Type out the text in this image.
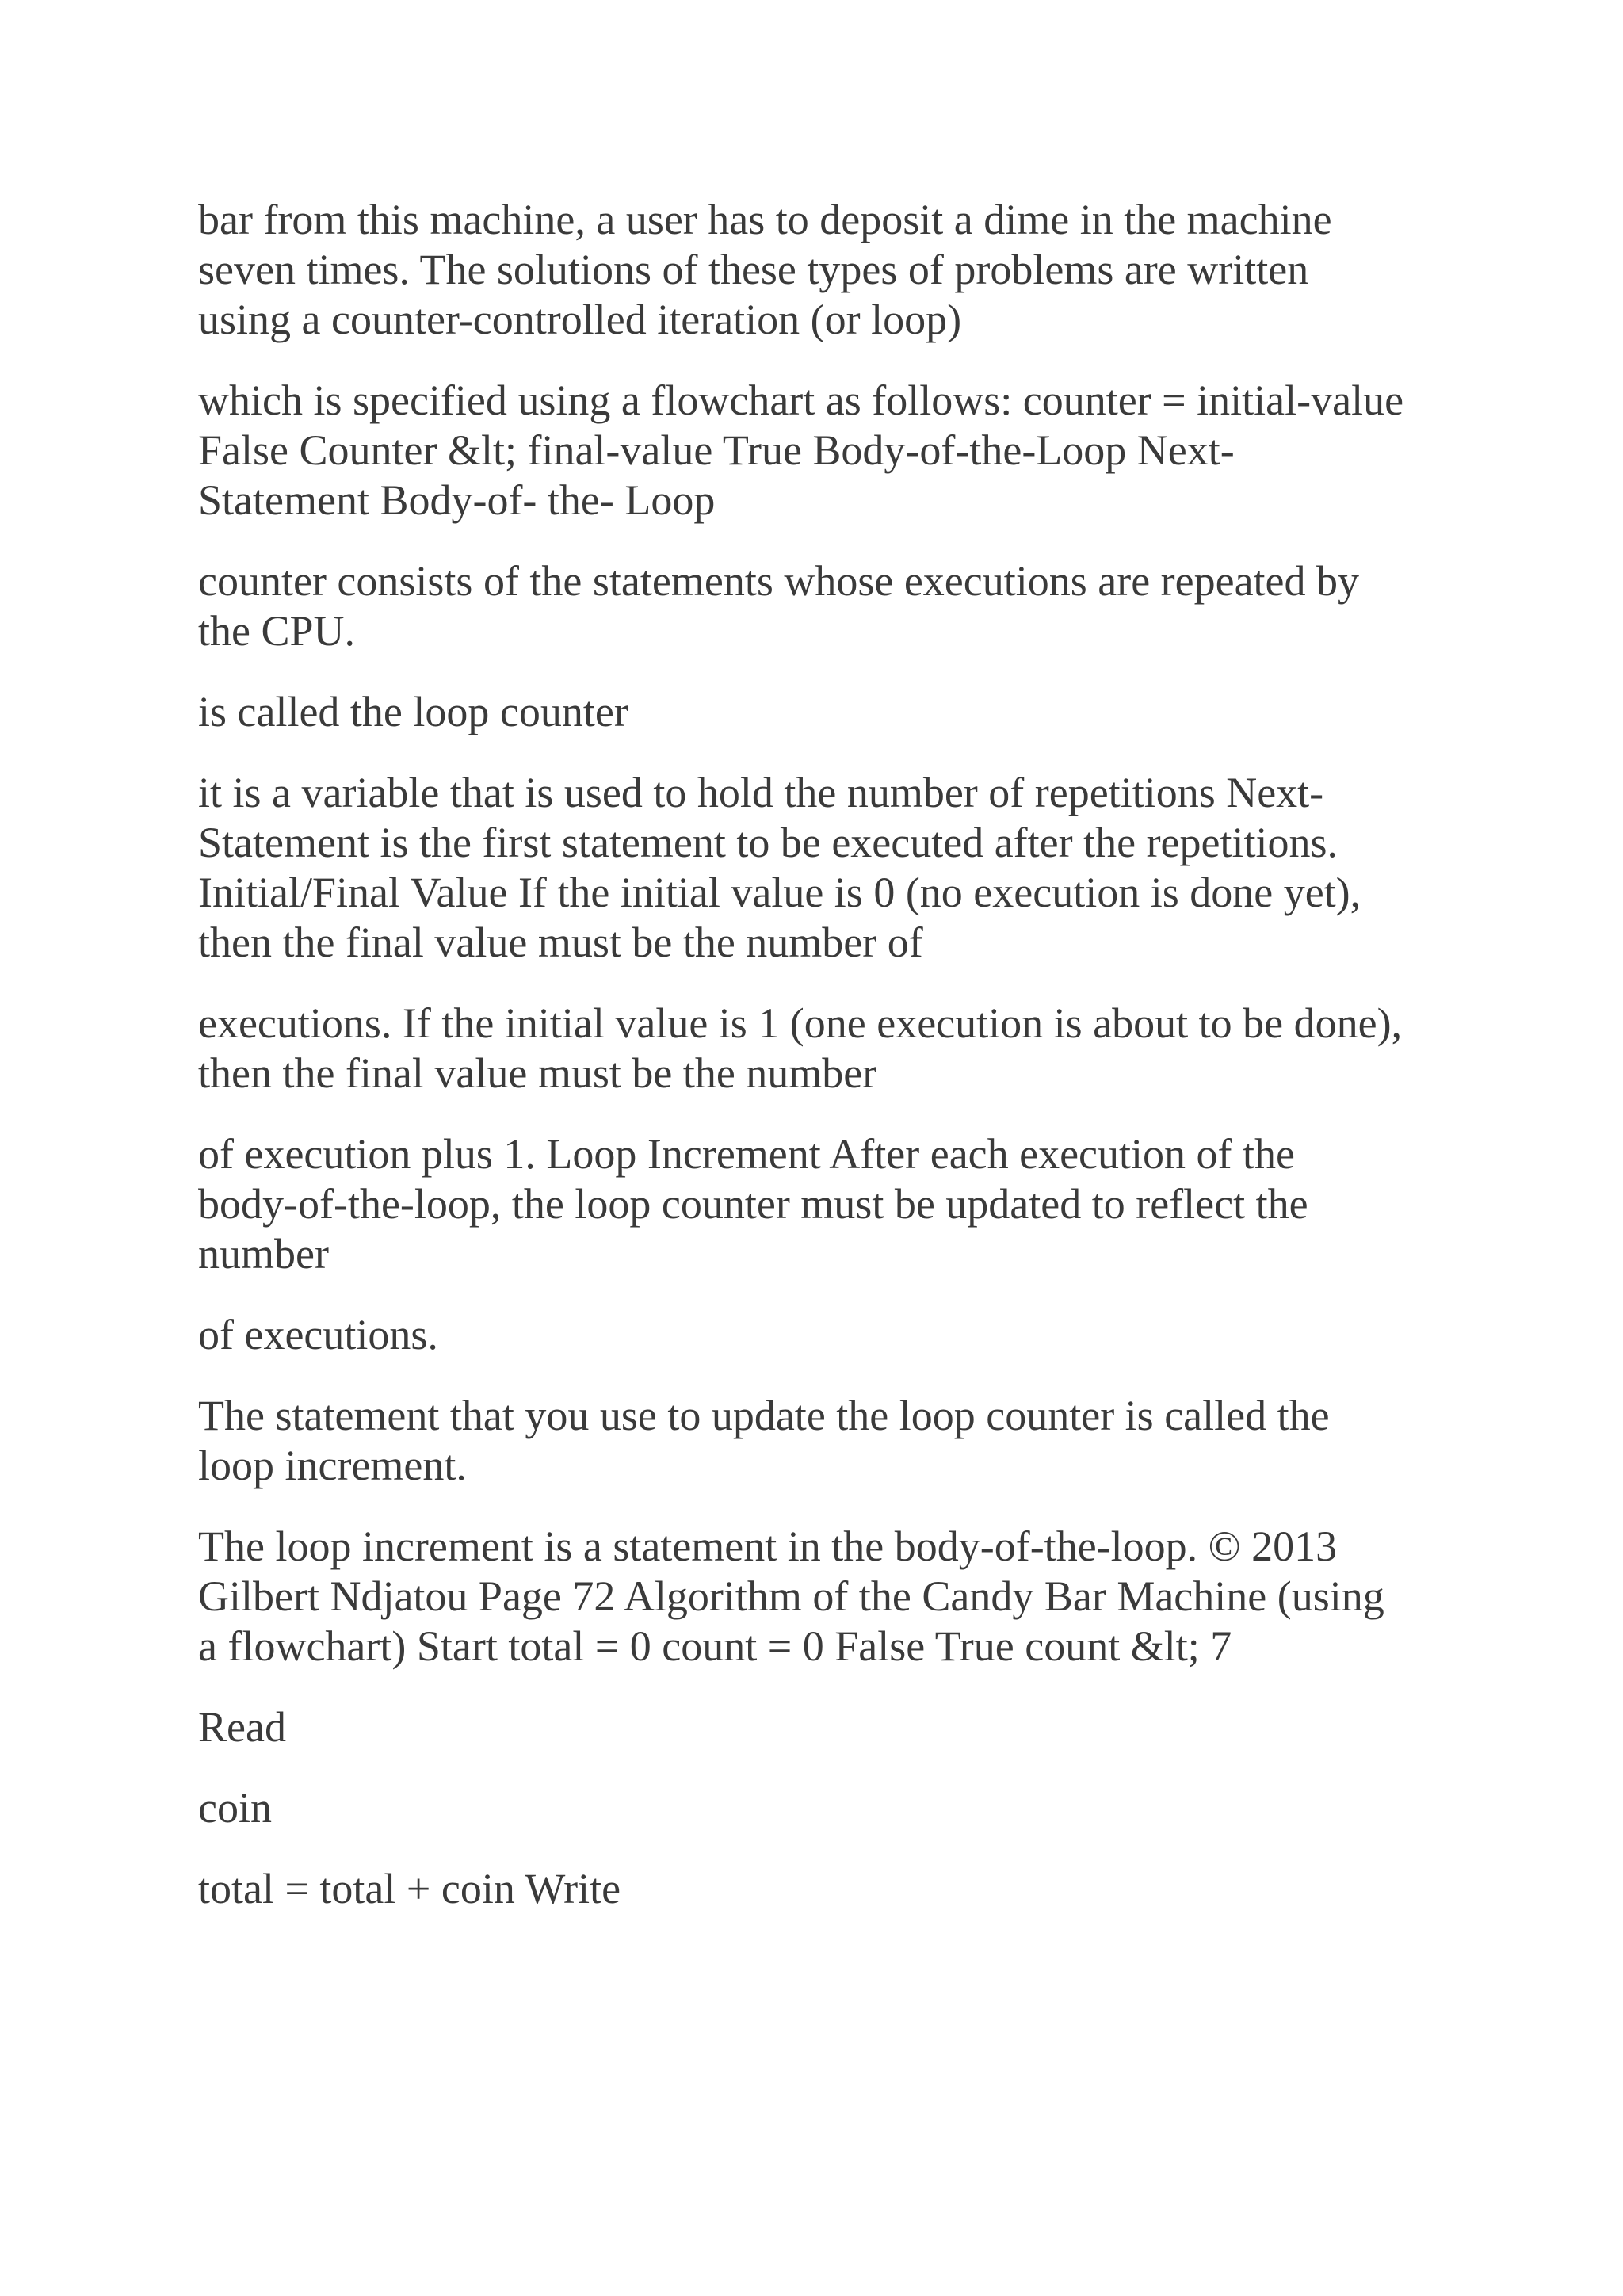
bar from this machine, a user has to deposit a dime in the machine
seven times. The solutions of these types of problems are written
using a counter-controlled iteration (or loop)

which is specified using a flowchart as follows: counter = initial-value
False Counter &lt; final-value True Body-of-the-Loop Next-
Statement Body-of- the- Loop

counter consists of the statements whose executions are repeated by
the CPU.

is called the loop counter

it is a variable that is used to hold the number of repetitions Next-
Statement is the first statement to be executed after the repetitions.
Initial/Final Value If the initial value is 0 (no execution is done yet),
then the final value must be the number of

executions. If the initial value is 1 (one execution is about to be done),
then the final value must be the number

of execution plus 1. Loop Increment After each execution of the
body-of-the-loop, the loop counter must be updated to reflect the
number

of executions.

The statement that you use to update the loop counter is called the
loop increment.

The loop increment is a statement in the body-of-the-loop. © 2013
Gilbert Ndjatou Page 72 Algorithm of the Candy Bar Machine (using
a flowchart) Start total = 0 count = 0 False True count &lt; 7

Read

coin

total = total + coin Write
